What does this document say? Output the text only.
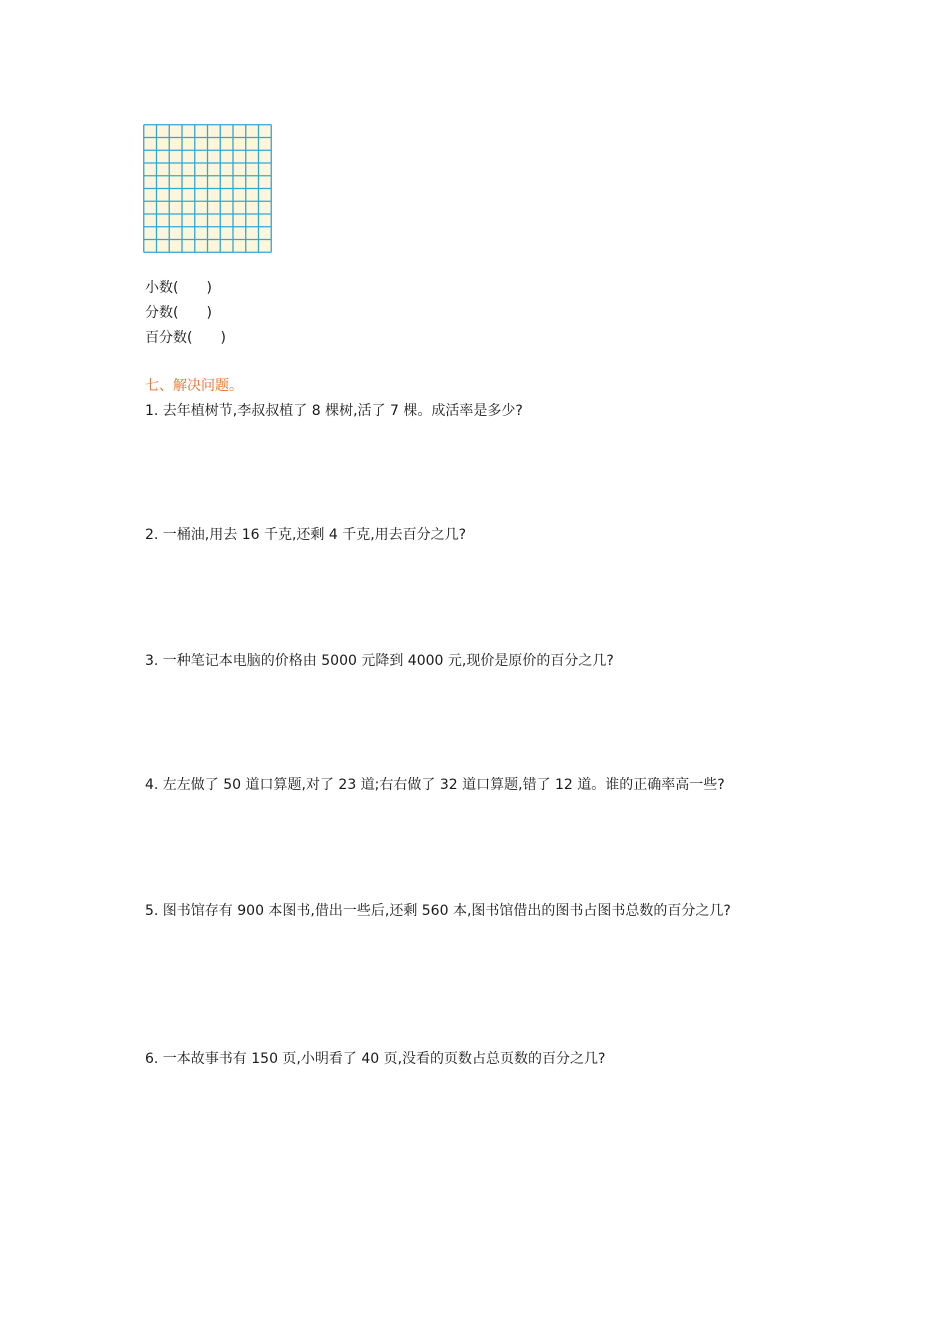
小数(　　)
分数(　　)
百分数(　　)
七、解决问题。
1. 去年植树节,李叔叔植了 8 棵树,活了 7 棵。成活率是多少?
2. 一桶油,用去 16 千克,还剩 4 千克,用去百分之几?
3. 一种笔记本电脑的价格由 5000 元降到 4000 元,现价是原价的百分之几?
4. 左左做了 50 道口算题,对了 23 道;右右做了 32 道口算题,错了 12 道。谁的正确率高一些?
5. 图书馆存有 900 本图书,借出一些后,还剩 560 本,图书馆借出的图书占图书总数的百分之几?
6. 一本故事书有 150 页,小明看了 40 页,没看的页数占总页数的百分之几?
